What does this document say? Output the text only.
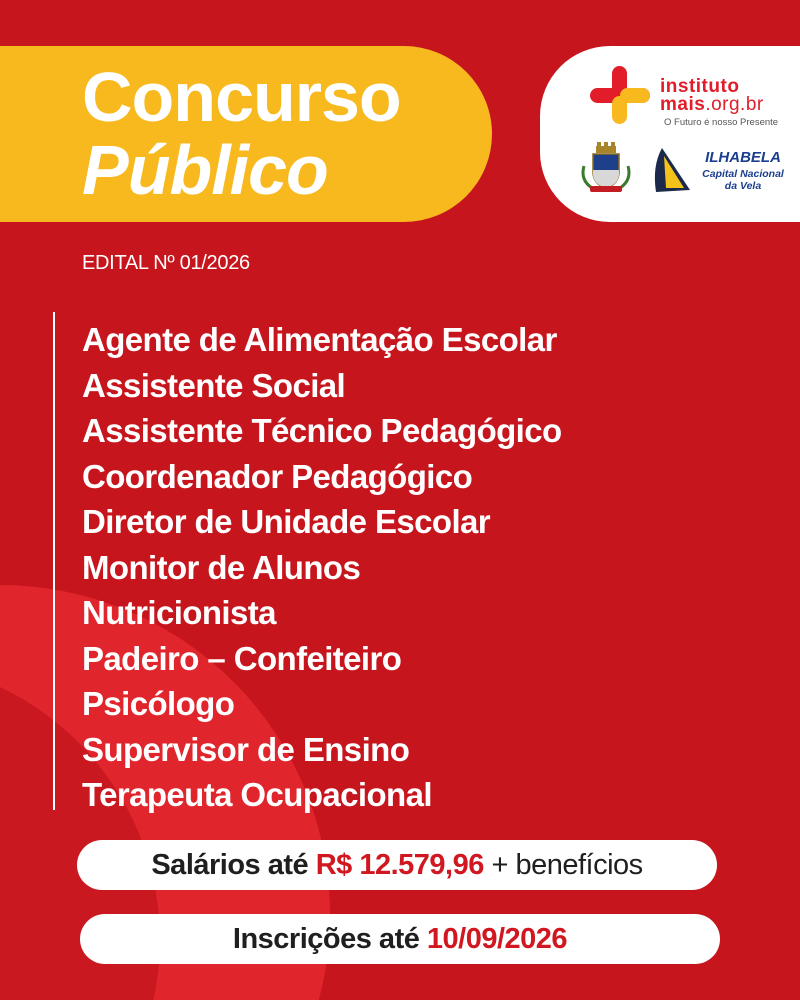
Concurso
Público
instituto
mais.org.br
O Futuro é nosso Presente
ILHABELA
Capital Nacional
da Vela
EDITAL Nº 01/2026
Agente de Alimentação Escolar
Assistente Social
Assistente Técnico Pedagógico
Coordenador Pedagógico
Diretor de Unidade Escolar
Monitor de Alunos
Nutricionista
Padeiro – Confeiteiro
Psicólogo
Supervisor de Ensino
Terapeuta Ocupacional
Salários até R$ 12.579,96 + benefícios
Inscrições até 10/09/2026
